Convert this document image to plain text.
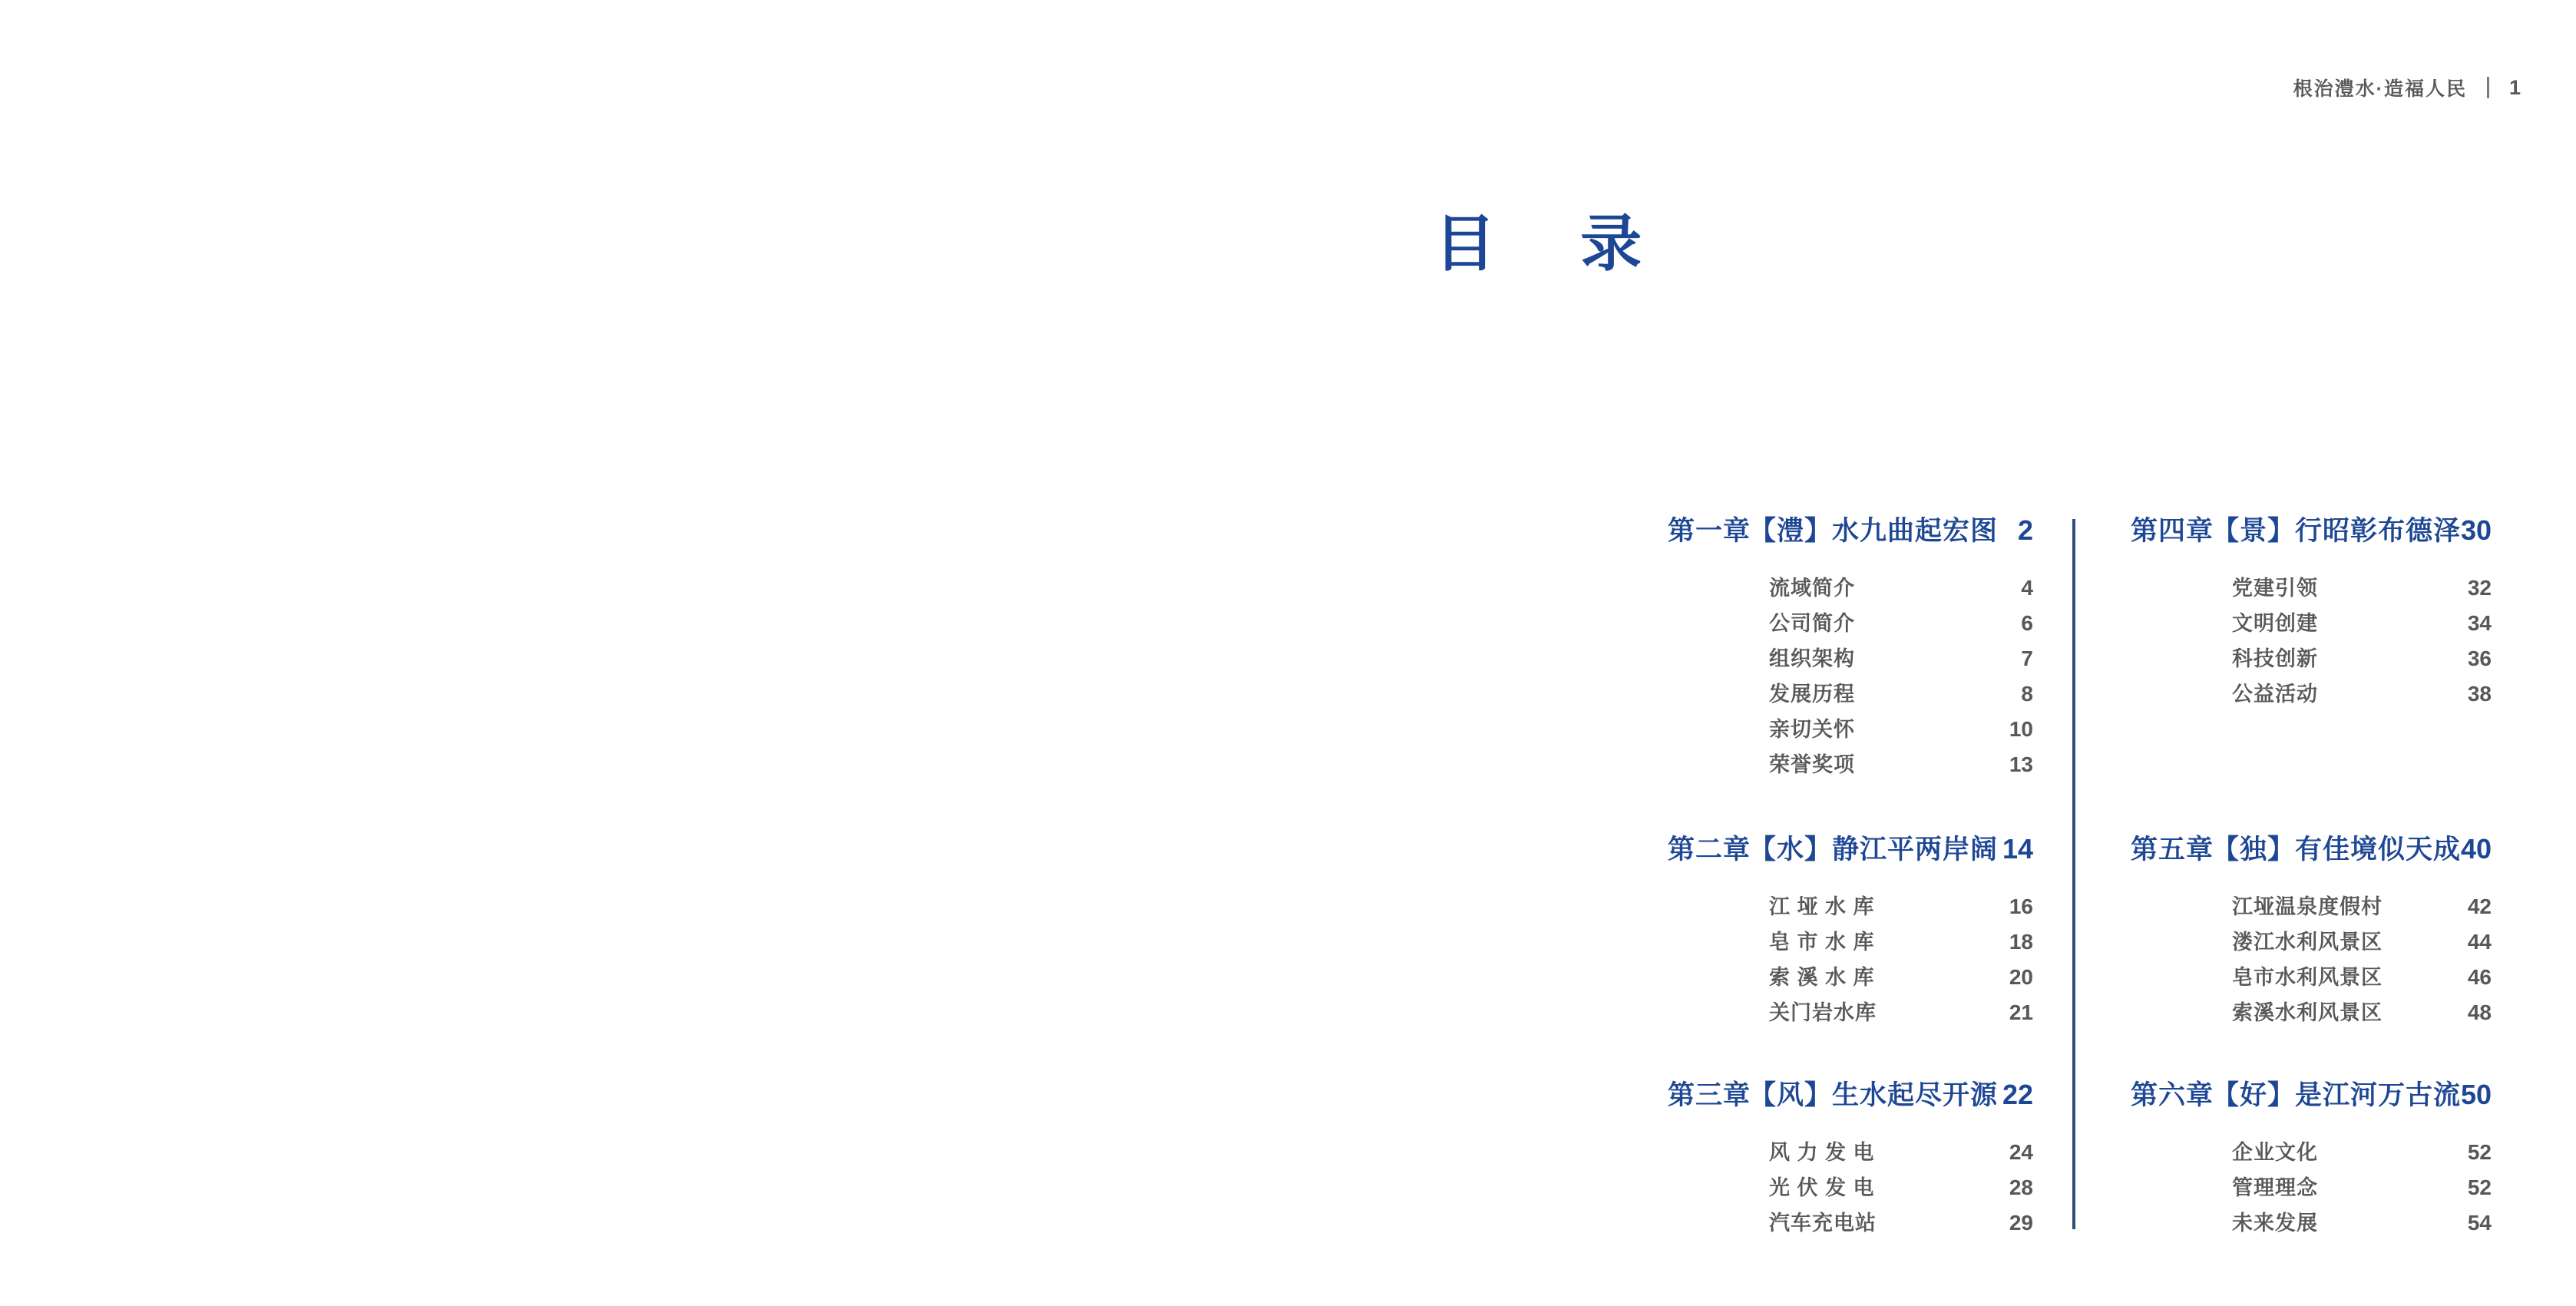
根治澧水·造福人民 1
目 录
第一章
【澧】水九曲起宏图 2
流域简介	4
公司简介	6
组织架构	7
发展历程	8
亲切关怀	10
荣誉奖项	13
第二章
【水】静江平两岸阔 14
江 垭 水 库	16
皂 市 水 库	18
索 溪 水 库	20
关门岩水库	21
第三章
【风】生水起尽开源 22
风 力 发 电	24
光 伏 发 电	28
汽车充电站	29
第四章
【景】行昭彰布德泽 30
党建引领	32
文明创建	34
科技创新	36
公益活动	38
第五章
【独】有佳境似天成 40
江垭温泉度假村	42
溇江水利风景区	44
皂市水利风景区	46
索溪水利风景区	48
第六章
【好】是江河万古流 50
企业文化	52
管理理念	52
未来发展	54
